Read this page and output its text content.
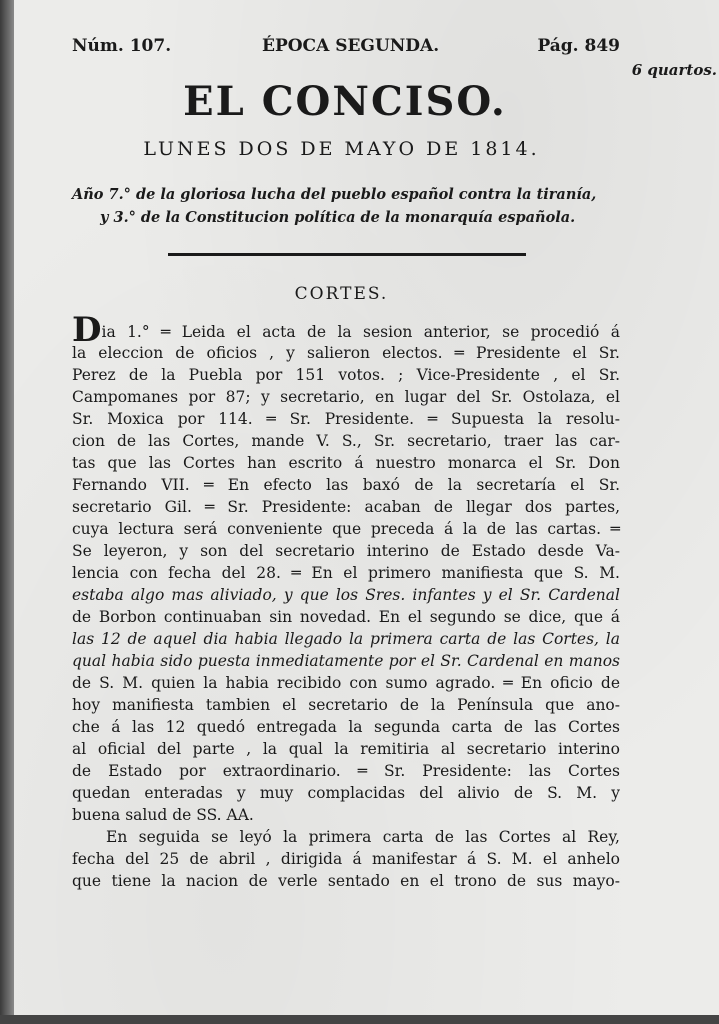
Núm. 107.	ÉPOCA SEGUNDA.	Pág. 849
6 quartos.
EL CONCISO.
LUNES DOS DE MAYO DE 1814.
Año 7.° de la gloriosa lucha del pueblo español contra la tiranía,
y 3.° de la Constitucion política de la monarquía española.
CORTES.
Dia 1.° ═ Leida el acta de la sesion anterior, se procedió á
la eleccion de oficios , y salieron electos. ═ Presidente el Sr.
Perez de la Puebla por 151 votos. ; Vice-Presidente , el Sr.
Campomanes por 87; y secretario, en lugar del Sr. Ostolaza, el
Sr. Moxica por 114. ═ Sr. Presidente. ═ Supuesta la resolu-
cion de las Cortes, mande V. S., Sr. secretario, traer las car-
tas que las Cortes han escrito á nuestro monarca el Sr. Don
Fernando VII. ═ En efecto las baxó de la secretaría el Sr.
secretario Gil. ═ Sr. Presidente: acaban de llegar dos partes,
cuya lectura será conveniente que preceda á la de las cartas. ═
Se leyeron, y son del secretario interino de Estado desde Va-
lencia con fecha del 28. ═ En el primero manifiesta que S. M.
estaba algo mas aliviado, y que los Sres. infantes y el Sr. Cardenal
de Borbon continuaban sin novedad. En el segundo se dice, que á
las 12 de aquel dia habia llegado la primera carta de las Cortes, la
qual habia sido puesta inmediatamente por el Sr. Cardenal en manos
de S. M. quien la habia recibido con sumo agrado. ═ En oficio de
hoy manifiesta tambien el secretario de la Península que ano-
che á las 12 quedó entregada la segunda carta de las Cortes
al oficial del parte , la qual la remitiria al secretario interino
de Estado por extraordinario. ═ Sr. Presidente: las Cortes
quedan enteradas y muy complacidas del alivio de S. M. y
buena salud de SS. AA.
En seguida se leyó la primera carta de las Cortes al Rey,
fecha del 25 de abril , dirigida á manifestar á S. M. el anhelo
que tiene la nacion de verle sentado en el trono de sus mayo-
